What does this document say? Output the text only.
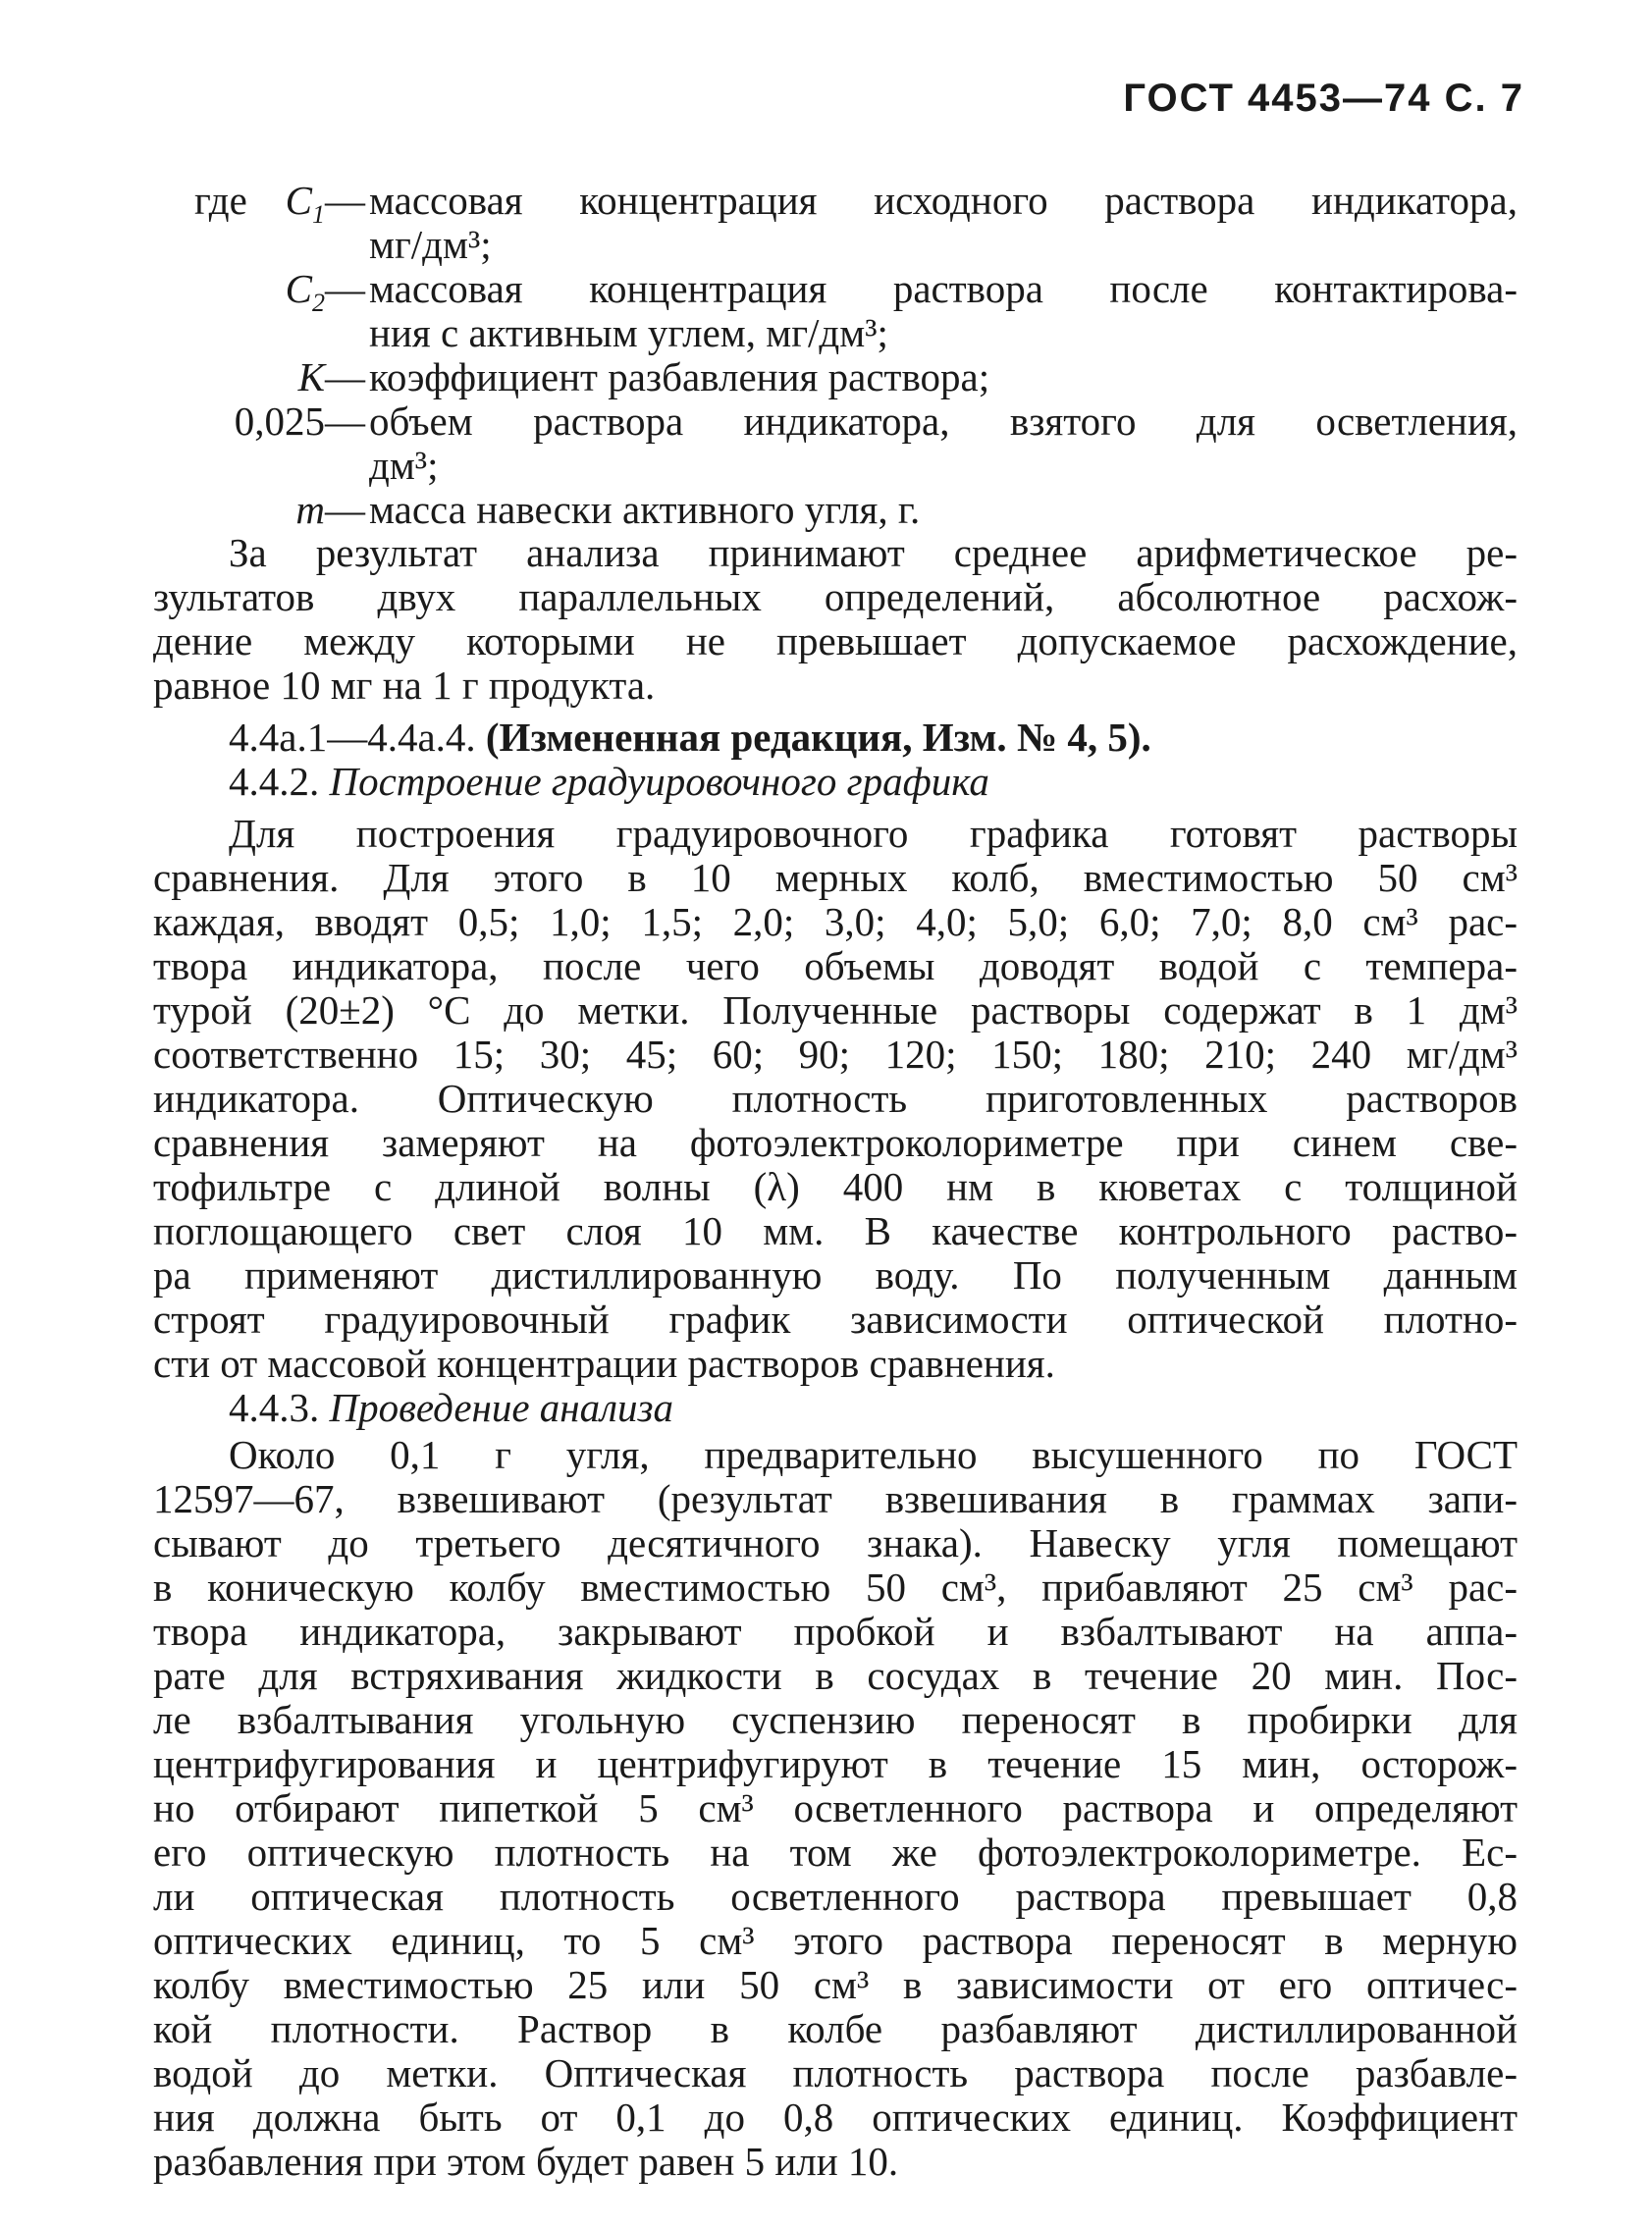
ГОСТ 4453—74 С. 7
где $C_1—$ массовая концентрация исходного раствора индикатора,
мг/дм³;
$C_2—$ массовая концентрация раствора после контактирова-
ния с активным углем, мг/дм³;
K— коэффициент разбавления раствора;
0,025— объем раствора индикатора, взятого для осветления,
дм³;
m— масса навески активного угля, г.
За результат анализа принимают среднее арифметическое ре-
зультатов двух параллельных определений, абсолютное расхож-
дение между которыми не превышает допускаемое расхождение,
равное 10 мг на 1 г продукта.
4.4а.1—4.4а.4. (Измененная редакция, Изм. № 4, 5).
4.4.2. Построение градуировочного графика
Для построения градуировочного графика готовят растворы
сравнения. Для этого в 10 мерных колб, вместимостью 50 см³
каждая, вводят 0,5; 1,0; 1,5; 2,0; 3,0; 4,0; 5,0; 6,0; 7,0; 8,0 см³ рас-
твора индикатора, после чего объемы доводят водой с темпера-
турой (20±2) °С до метки. Полученные растворы содержат в 1 дм³
соответственно 15; 30; 45; 60; 90; 120; 150; 180; 210; 240 мг/дм³
индикатора. Оптическую плотность приготовленных растворов
сравнения замеряют на фотоэлектроколориметре при синем све-
тофильтре с длиной волны (λ) 400 нм в кюветах с толщиной
поглощающего свет слоя 10 мм. В качестве контрольного раство-
ра применяют дистиллированную воду. По полученным данным
строят градуировочный график зависимости оптической плотно-
сти от массовой концентрации растворов сравнения.
4.4.3. Проведение анализа
Около 0,1 г угля, предварительно высушенного по ГОСТ
12597—67, взвешивают (результат взвешивания в граммах запи-
сывают до третьего десятичного знака). Навеску угля помещают
в коническую колбу вместимостью 50 см³, прибавляют 25 см³ рас-
твора индикатора, закрывают пробкой и взбалтывают на аппа-
рате для встряхивания жидкости в сосудах в течение 20 мин. Пос-
ле взбалтывания угольную суспензию переносят в пробирки для
центрифугирования и центрифугируют в течение 15 мин, осторож-
но отбирают пипеткой 5 см³ осветленного раствора и определяют
его оптическую плотность на том же фотоэлектроколориметре. Ес-
ли оптическая плотность осветленного раствора превышает 0,8
оптических единиц, то 5 см³ этого раствора переносят в мерную
колбу вместимостью 25 или 50 см³ в зависимости от его оптичес-
кой плотности. Раствор в колбе разбавляют дистиллированной
водой до метки. Оптическая плотность раствора после разбавле-
ния должна быть от 0,1 до 0,8 оптических единиц. Коэффициент
разбавления при этом будет равен 5 или 10.
